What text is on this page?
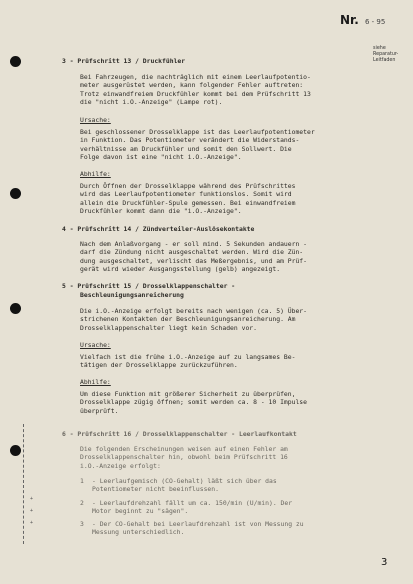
Nr. 6 - 95
siehe
Reparatur-
Leitfaden
+
+
+
3 - Prüfschritt 13 / Druckfühler
Bei Fahrzeugen, die nachträglich mit einem Leerlaufpotentio-
meter ausgerüstet werden, kann folgender Fehler auftreten:
Trotz einwandfreiem Druckfühler kommt bei dem Prüfschritt 13
die "nicht i.O.-Anzeige" (Lampe rot).
Ursache:
Bei geschlossener Drosselklappe ist das Leerlaufpotentiometer
in Funktion. Das Potentiometer verändert die Widerstands-
verhältnisse am Druckfühler und somit den Sollwert. Die
Folge davon ist eine "nicht i.O.-Anzeige".
Abhilfe:
Durch Öffnen der Drosselklappe während des Prüfschrittes
wird das Leerlaufpotentiometer funktionslos. Somit wird
allein die Druckfühler-Spule gemessen. Bei einwandfreiem
Druckfühler kommt dann die "i.O.-Anzeige".
4 - Prüfschritt 14 / Zündverteiler-Auslösekontakte
Nach dem Anlaßvorgang - er soll mind. 5 Sekunden andauern -
darf die Zündung nicht ausgeschaltet werden. Wird die Zün-
dung ausgeschaltet, verlischt das Meßergebnis, und am Prüf-
gerät wird wieder Ausgangsstellung (gelb) angezeigt.
5 - Prüfschritt 15 / Drosselklappenschalter -
Beschleunigungsanreicherung
Die i.O.-Anzeige erfolgt bereits nach wenigen (ca. 5) Über-
strichenen Kontakten der Beschleunigungsanreicherung. Am
Drosselklappenschalter liegt kein Schaden vor.
Ursache:
Vielfach ist die frühe i.O.-Anzeige auf zu langsames Be-
tätigen der Drosselklappe zurückzuführen.
Abhilfe:
Um diese Funktion mit größerer Sicherheit zu überprüfen,
Drosselklappe zügig öffnen; somit werden ca. 8 - 10 Impulse
überprüft.
6 - Prüfschritt 16 / Drosselklappenschalter - Leerlaufkontakt
Die folgenden Erscheinungen weisen auf einen Fehler am
Drosselklappenschalter hin, obwohl beim Prüfschritt 16
i.O.-Anzeige erfolgt:
1	- Leerlaufgemisch (CO-Gehalt) läßt sich über das
Potentiometer nicht beeinflussen.
2	- Leerlaufdrehzahl fällt um ca. 150/min (U/min). Der
Motor beginnt zu "sägen".
3	- Der CO-Gehalt bei Leerlaufdrehzahl ist von Messung zu
Messung unterschiedlich.
3
